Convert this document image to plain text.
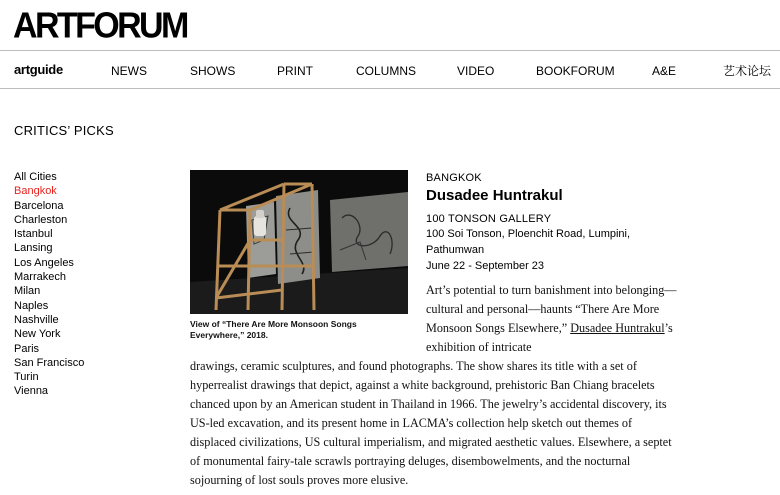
ARTFORUM
artguide	NEWS	SHOWS	PRINT	COLUMNS	VIDEO	BOOKFORUM	A&E	艺术论坛
CRITICS’ PICKS
All Cities
Bangkok
Barcelona
Charleston
Istanbul
Lansing
Los Angeles
Marrakech
Milan
Naples
Nashville
New York
Paris
San Francisco
Turin
Vienna
View of “There Are More Monsoon Songs Everywhere,” 2018.
BANGKOK
Dusadee Huntrakul
100 TONSON GALLERY
100 Soi Tonson, Ploenchit Road, Lumpini, Pathumwan
June 22 - September 23
Art’s potential to turn banishment into belonging—cultural and personal—haunts “There Are More Monsoon Songs Elsewhere,” Dusadee Huntrakul’s exhibition of intricate
drawings, ceramic sculptures, and found photographs. The show shares its title with a set of hyperrealist drawings that depict, against a white background, prehistoric Ban Chiang bracelets chanced upon by an American student in Thailand in 1966. The jewelry’s accidental discovery, its US-led excavation, and its present home in LACMA’s collection help sketch out themes of displaced civilizations, US cultural imperialism, and migrated aesthetic values. Elsewhere, a septet of monumental fairy-tale scrawls portraying deluges, disembowelments, and the nocturnal sojourning of lost souls proves more elusive.
